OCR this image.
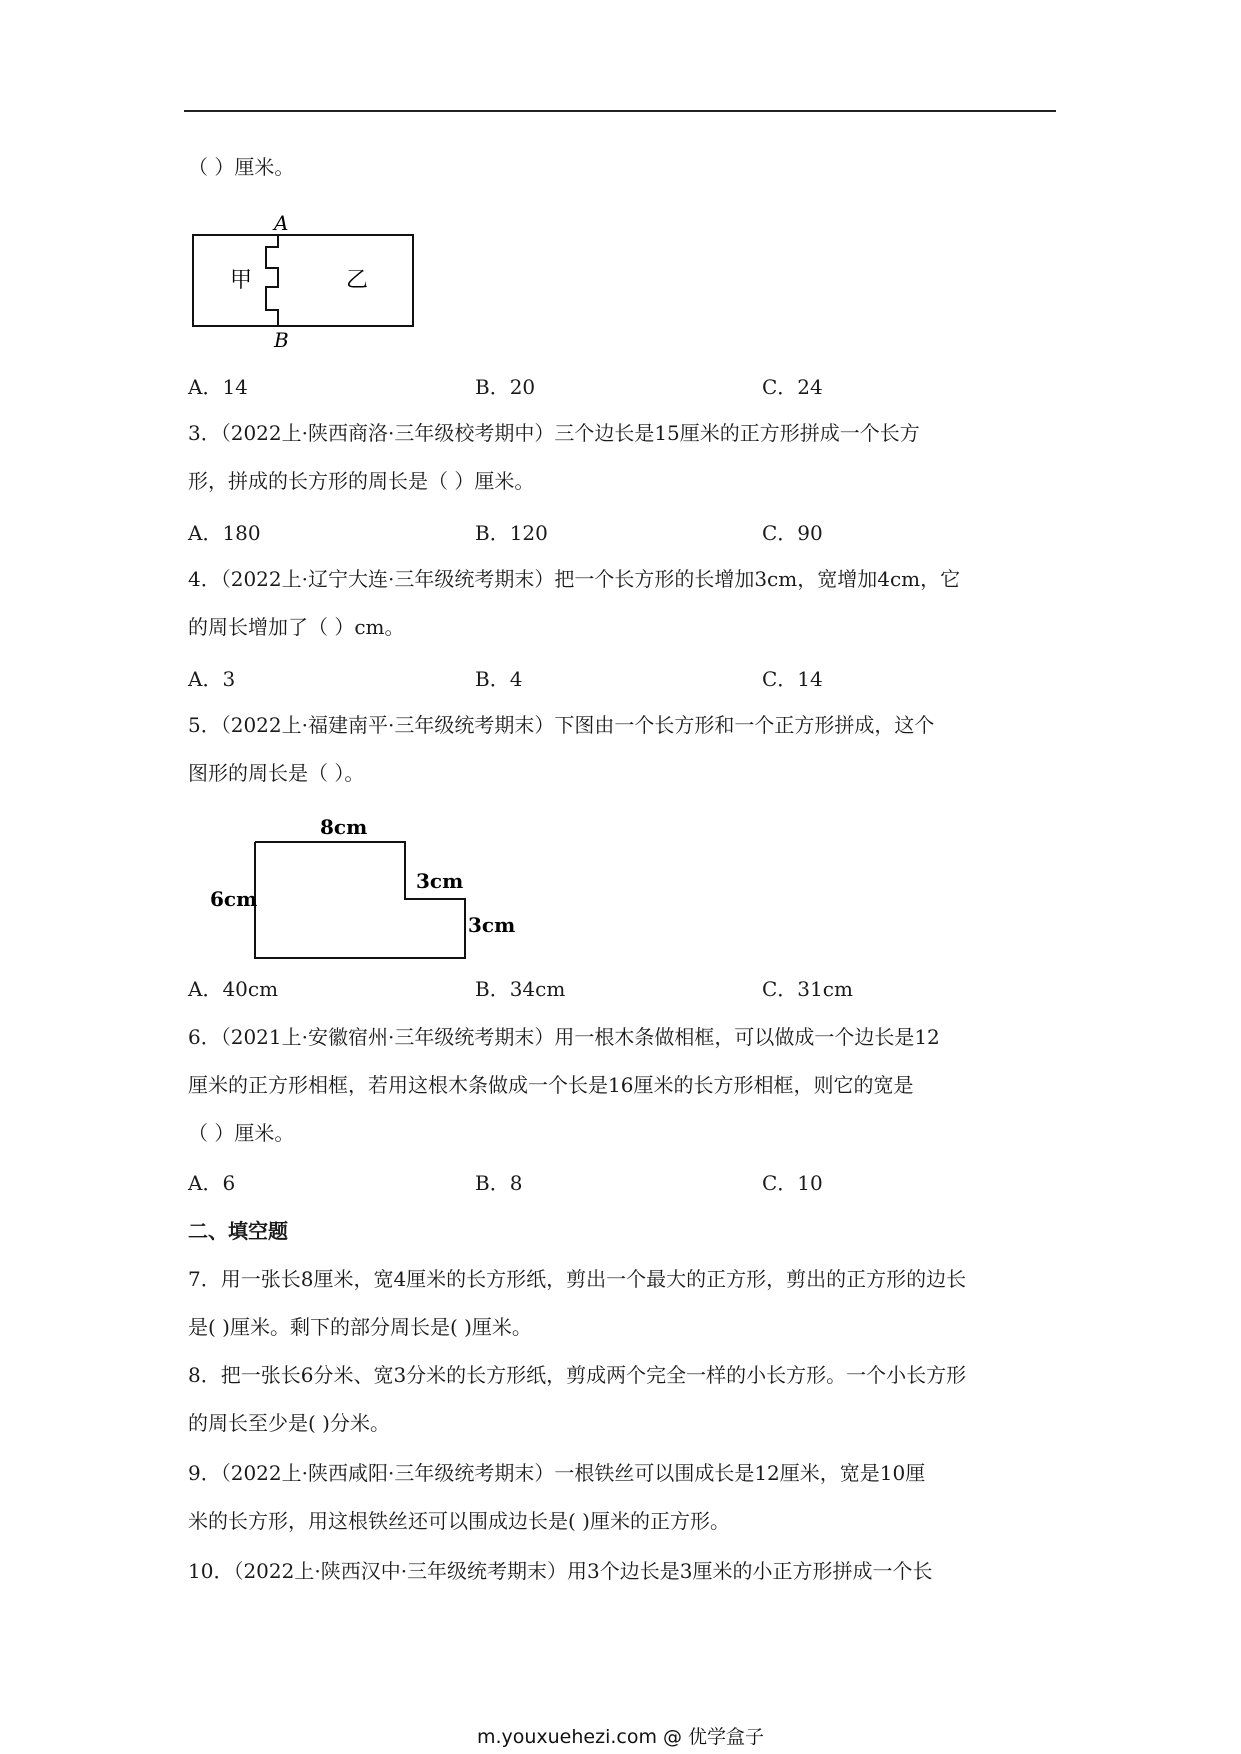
（ ）厘米。
A
B
甲	乙
A．14	B．20	C．24
3．（2022上·陕西商洛·三年级校考期中）三个边长是15厘米的正方形拼成一个长方
形，拼成的长方形的周长是（ ）厘米。
A．180	B．120	C．90
4．（2022上·辽宁大连·三年级统考期末）把一个长方形的长增加3cm，宽增加4cm，它
的周长增加了（ ）cm。
A．3	B．4	C．14
5．（2022上·福建南平·三年级统考期末）下图由一个长方形和一个正方形拼成，这个
图形的周长是（ ）。
8cm
6cm
3cm
3cm
A．40cm	B．34cm	C．31cm
6．（2021上·安徽宿州·三年级统考期末）用一根木条做相框，可以做成一个边长是12
厘米的正方形相框，若用这根木条做成一个长是16厘米的长方形相框，则它的宽是
（ ）厘米。
A．6	B．8	C．10
二、填空题
7．用一张长8厘米，宽4厘米的长方形纸，剪出一个最大的正方形，剪出的正方形的边长
是( )厘米。剩下的部分周长是( )厘米。
8．把一张长6分米、宽3分米的长方形纸，剪成两个完全一样的小长方形。一个小长方形
的周长至少是( )分米。
9．（2022上·陕西咸阳·三年级统考期末）一根铁丝可以围成长是12厘米，宽是10厘
米的长方形，用这根铁丝还可以围成边长是( )厘米的正方形。
10．（2022上·陕西汉中·三年级统考期末）用3个边长是3厘米的小正方形拼成一个长
m.youxuehezi.com @ 优学盒子
